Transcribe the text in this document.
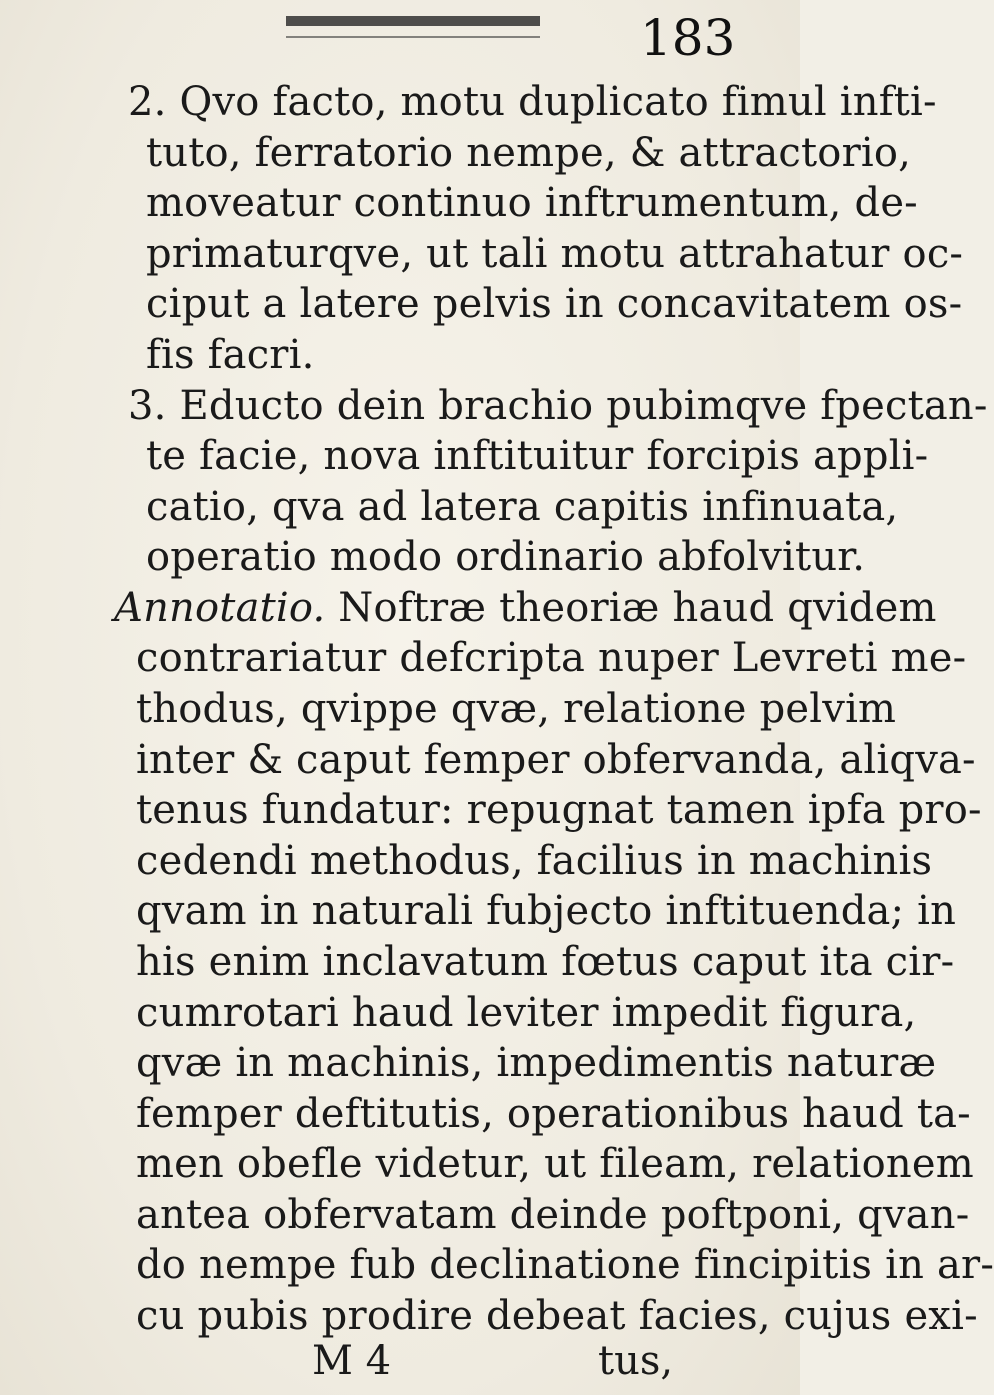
183
2. Qvo facto, motu duplicato fimul infti-
tuto, ferratorio nempe, & attractorio,
moveatur continuo inftrumentum, de-
primaturqve, ut tali motu attrahatur oc-
ciput a latere pelvis in concavitatem os-
fis facri.
3. Educto dein brachio pubimqve fpectan-
te facie, nova inftituitur forcipis appli-
catio, qva ad latera capitis infinuata,
operatio modo ordinario abfolvitur.
Annotatio. Noftræ theoriæ haud qvidem
contrariatur defcripta nuper Levreti me-
thodus, qvippe qvæ, relatione pelvim
inter & caput femper obfervanda, aliqva-
tenus fundatur: repugnat tamen ipfa pro-
cedendi methodus, facilius in machinis
qvam in naturali fubjecto inftituenda; in
his enim inclavatum fœtus caput ita cir-
cumrotari haud leviter impedit figura,
qvæ in machinis, impedimentis naturæ
femper deftitutis, operationibus haud ta-
men obefle videtur, ut fileam, relationem
antea obfervatam deinde poftponi, qvan-
do nempe fub declinatione fincipitis in ar-
cu pubis prodire debeat facies, cujus exi-
M 4	tus,
